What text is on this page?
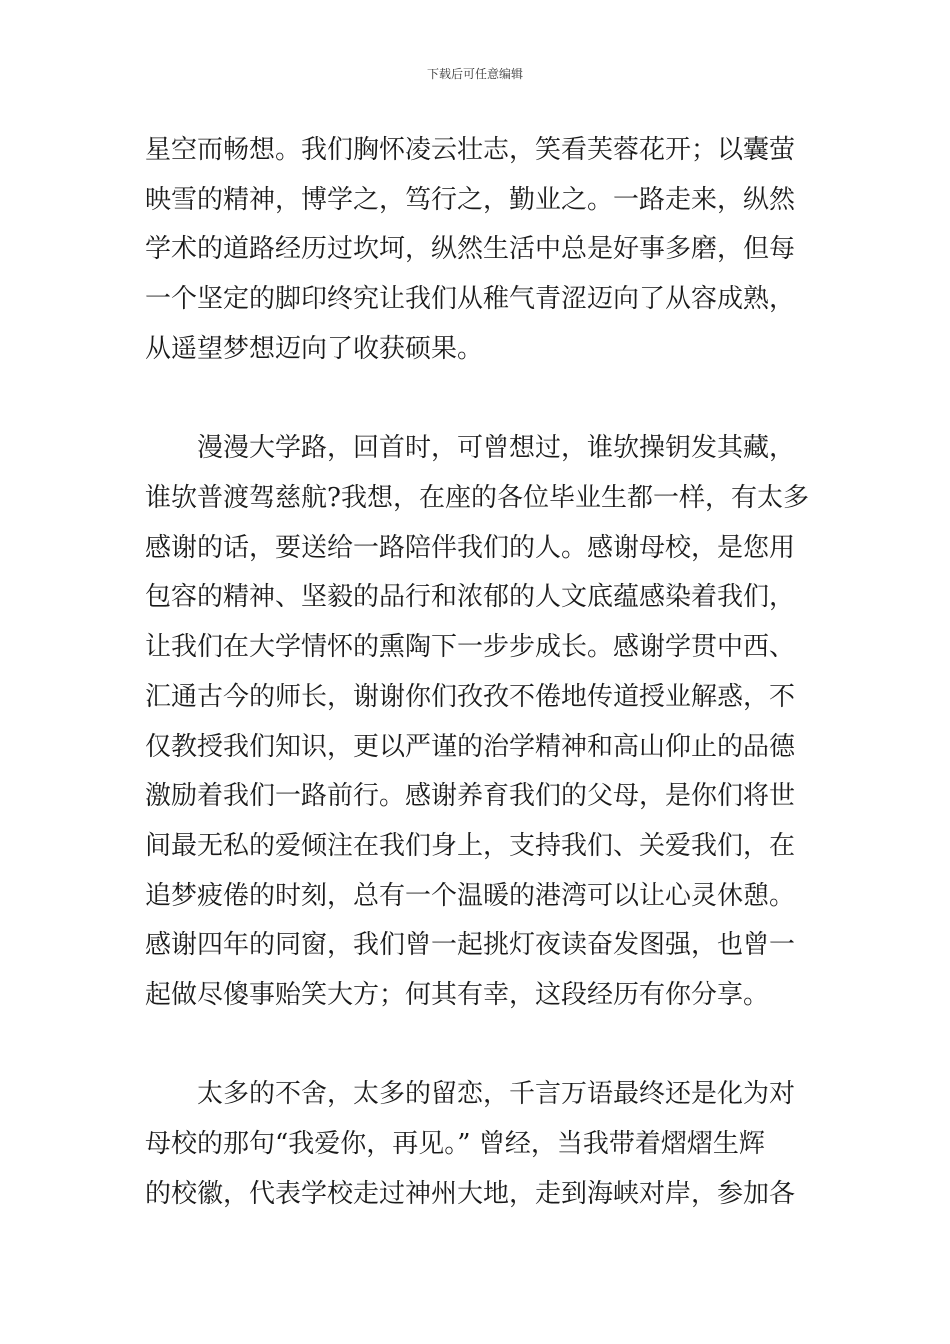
下载后可任意编辑
星空而畅想。我们胸怀凌云壮志，笑看芙蓉花开；以囊萤
映雪的精神，博学之，笃行之，勤业之。一路走来，纵然
学术的道路经历过坎坷，纵然生活中总是好事多磨，但每
一个坚定的脚印终究让我们从稚气青涩迈向了从容成熟，
从遥望梦想迈向了收获硕果。
漫漫大学路，回首时，可曾想过，谁欤操钥发其藏，
谁欤普渡驾慈航?我想，在座的各位毕业生都一样，有太多
感谢的话，要送给一路陪伴我们的人。感谢母校，是您用
包容的精神、坚毅的品行和浓郁的人文底蕴感染着我们，
让我们在大学情怀的熏陶下一步步成长。感谢学贯中西、
汇通古今的师长，谢谢你们孜孜不倦地传道授业解惑，不
仅教授我们知识，更以严谨的治学精神和高山仰止的品德
激励着我们一路前行。感谢养育我们的父母，是你们将世
间最无私的爱倾注在我们身上，支持我们、关爱我们，在
追梦疲倦的时刻，总有一个温暖的港湾可以让心灵休憩。
感谢四年的同窗，我们曾一起挑灯夜读奋发图强，也曾一
起做尽傻事贻笑大方；何其有幸，这段经历有你分享。
太多的不舍，太多的留恋，千言万语最终还是化为对
母校的那句“我爱你，再见。” 曾经，当我带着熠熠生辉
的校徽，代表学校走过神州大地，走到海峡对岸，参加各
